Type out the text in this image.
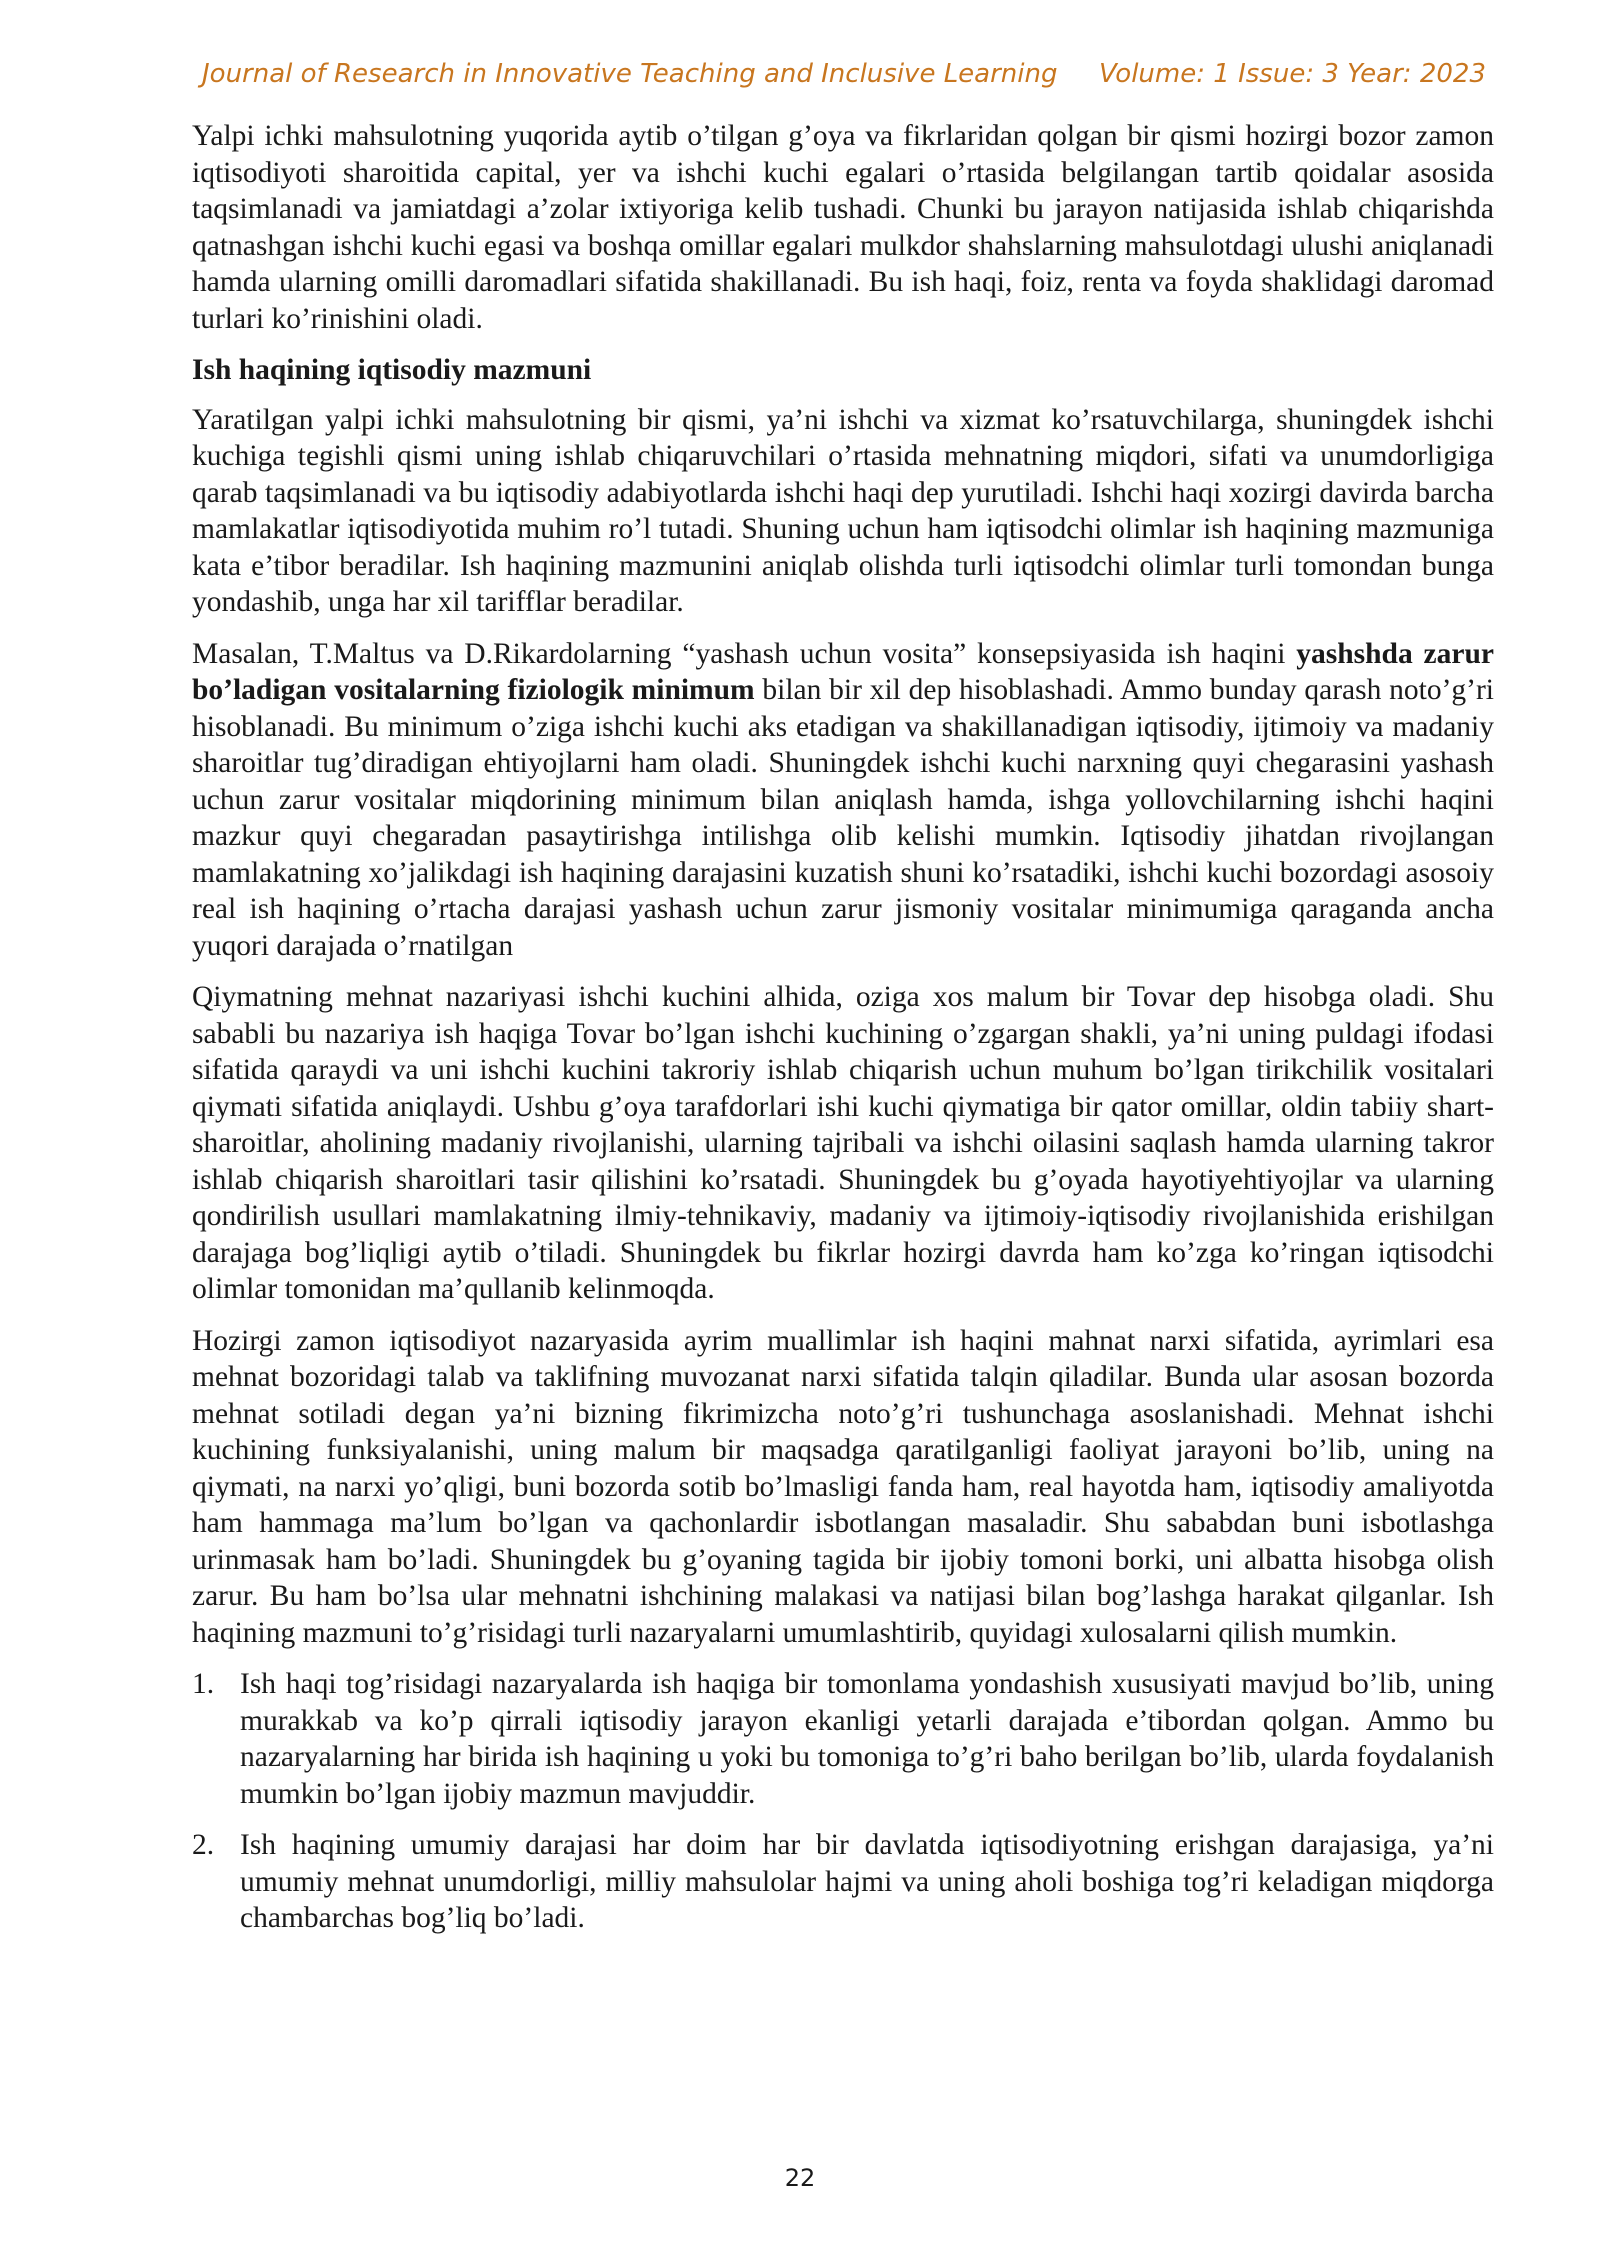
Journal of Research in Innovative Teaching and Inclusive Learning Volume: 1 Issue: 3 Year: 2023

Yalpi ichki mahsulotning yuqorida aytib o’tilgan g’oya va fikrlaridan qolgan bir qismi hozirgi bozor zamon iqtisodiyoti sharoitida capital, yer va ishchi kuchi egalari o’rtasida belgilangan tartib qoidalar asosida taqsimlanadi va jamiatdagi a’zolar ixtiyoriga kelib tushadi. Chunki bu jarayon natijasida ishlab chiqarishda qatnashgan ishchi kuchi egasi va boshqa omillar egalari mulkdor shahslarning mahsulotdagi ulushi aniqlanadi hamda ularning omilli daromadlari sifatida shakillanadi. Bu ish haqi, foiz, renta va foyda shaklidagi daromad turlari ko’rinishini oladi.

Ish haqining iqtisodiy mazmuni

Yaratilgan yalpi ichki mahsulotning bir qismi, ya’ni ishchi va xizmat ko’rsatuvchilarga, shuningdek ishchi kuchiga tegishli qismi uning ishlab chiqaruvchilari o’rtasida mehnatning miqdori, sifati va unumdorligiga qarab taqsimlanadi va bu iqtisodiy adabiyotlarda ishchi haqi dep yurutiladi. Ishchi haqi xozirgi davirda barcha mamlakatlar iqtisodiyotida muhim ro’l tutadi. Shuning uchun ham iqtisodchi olimlar ish haqining mazmuniga kata e’tibor beradilar. Ish haqining mazmunini aniqlab olishda turli iqtisodchi olimlar turli tomondan bunga yondashib, unga har xil tarifflar beradilar.

Masalan, T.Maltus va D.Rikardolarning “yashash uchun vosita” konsepsiyasida ish haqini yashshda zarur bo’ladigan vositalarning fiziologik minimum bilan bir xil dep hisoblashadi. Ammo bunday qarash noto’g’ri hisoblanadi. Bu minimum o’ziga ishchi kuchi aks etadigan va shakillanadigan iqtisodiy, ijtimoiy va madaniy sharoitlar tug’diradigan ehtiyojlarni ham oladi. Shuningdek ishchi kuchi narxning quyi chegarasini yashash uchun zarur vositalar miqdorining minimum bilan aniqlash hamda, ishga yollovchilarning ishchi haqini mazkur quyi chegaradan pasaytirishga intilishga olib kelishi mumkin. Iqtisodiy jihatdan rivojlangan mamlakatning xo’jalikdagi ish haqining darajasini kuzatish shuni ko’rsatadiki, ishchi kuchi bozordagi asosoiy real ish haqining o’rtacha darajasi yashash uchun zarur jismoniy vositalar minimumiga qaraganda ancha yuqori darajada o’rnatilgan

Qiymatning mehnat nazariyasi ishchi kuchini alhida, oziga xos malum bir Tovar dep hisobga oladi. Shu sababli bu nazariya ish haqiga Tovar bo’lgan ishchi kuchining o’zgargan shakli, ya’ni uning puldagi ifodasi sifatida qaraydi va uni ishchi kuchini takroriy ishlab chiqarish uchun muhum bo’lgan tirikchilik vositalari qiymati sifatida aniqlaydi. Ushbu g’oya tarafdorlari ishi kuchi qiymatiga bir qator omillar, oldin tabiiy shart-sharoitlar, aholining madaniy rivojlanishi, ularning tajribali va ishchi oilasini saqlash hamda ularning takror ishlab chiqarish sharoitlari tasir qilishini ko’rsatadi. Shuningdek bu g’oyada hayotiyehtiyojlar va ularning qondirilish usullari mamlakatning ilmiy-tehnikaviy, madaniy va ijtimoiy-iqtisodiy rivojlanishida erishilgan darajaga bog’liqligi aytib o’tiladi. Shuningdek bu fikrlar hozirgi davrda ham ko’zga ko’ringan iqtisodchi olimlar tomonidan ma’qullanib kelinmoqda.

Hozirgi zamon iqtisodiyot nazaryasida ayrim muallimlar ish haqini mahnat narxi sifatida, ayrimlari esa mehnat bozoridagi talab va taklifning muvozanat narxi sifatida talqin qiladilar. Bunda ular asosan bozorda mehnat sotiladi degan ya’ni bizning fikrimizcha noto’g’ri tushunchaga asoslanishadi. Mehnat ishchi kuchining funksiyalanishi, uning malum bir maqsadga qaratilganligi faoliyat jarayoni bo’lib, uning na qiymati, na narxi yo’qligi, buni bozorda sotib bo’lmasligi fanda ham, real hayotda ham, iqtisodiy amaliyotda ham hammaga ma’lum bo’lgan va qachonlardir isbotlangan masaladir. Shu sababdan buni isbotlashga urinmasak ham bo’ladi. Shuningdek bu g’oyaning tagida bir ijobiy tomoni borki, uni albatta hisobga olish zarur. Bu ham bo’lsa ular mehnatni ishchining malakasi va natijasi bilan bog’lashga harakat qilganlar. Ish haqining mazmuni to’g’risidagi turli nazaryalarni umumlashtirib, quyidagi xulosalarni qilish mumkin.

1. Ish haqi tog’risidagi nazaryalarda ish haqiga bir tomonlama yondashish xususiyati mavjud bo’lib, uning murakkab va ko’p qirrali iqtisodiy jarayon ekanligi yetarli darajada e’tibordan qolgan. Ammo bu nazaryalarning har birida ish haqining u yoki bu tomoniga to’g’ri baho berilgan bo’lib, ularda foydalanish mumkin bo’lgan ijobiy mazmun mavjuddir.
2. Ish haqining umumiy darajasi har doim har bir davlatda iqtisodiyotning erishgan darajasiga, ya’ni umumiy mehnat unumdorligi, milliy mahsulolar hajmi va uning aholi boshiga tog’ri keladigan miqdorga chambarchas bog’liq bo’ladi.
22
